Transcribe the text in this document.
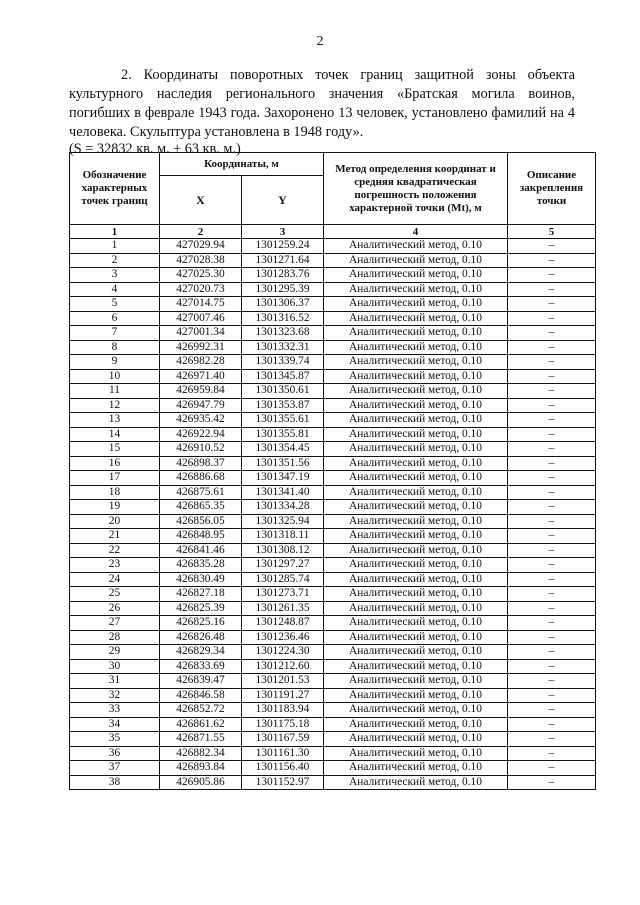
2

2. Координаты поворотных точек границ защитной зоны объекта культурного наследия регионального значения «Братская могила воинов, погибших в феврале 1943 года. Захоронено 13 человек, установлено фамилий на 4 человека. Скульптура установлена в 1948 году».

(S = 32832 кв. м. ± 63 кв. м.)

Обозначение характерных точек границ	Координаты, м		Метод определения координат и средняя квадратическая погрешность положения характерной точки (Mt), м	Описание закрепления точки
	X	Y		
1	2	3	4	5
1	427029.94	1301259.24	Аналитический метод, 0.10	–
2	427028.38	1301271.64	Аналитический метод, 0.10	–
3	427025.30	1301283.76	Аналитический метод, 0.10	–
4	427020.73	1301295.39	Аналитический метод, 0.10	–
5	427014.75	1301306.37	Аналитический метод, 0.10	–
6	427007.46	1301316.52	Аналитический метод, 0.10	–
7	427001.34	1301323.68	Аналитический метод, 0.10	–
8	426992.31	1301332.31	Аналитический метод, 0.10	–
9	426982.28	1301339.74	Аналитический метод, 0.10	–
10	426971.40	1301345.87	Аналитический метод, 0.10	–
11	426959.84	1301350.61	Аналитический метод, 0.10	–
12	426947.79	1301353.87	Аналитический метод, 0.10	–
13	426935.42	1301355.61	Аналитический метод, 0.10	–
14	426922.94	1301355.81	Аналитический метод, 0.10	–
15	426910.52	1301354.45	Аналитический метод, 0.10	–
16	426898.37	1301351.56	Аналитический метод, 0.10	–
17	426886.68	1301347.19	Аналитический метод, 0.10	–
18	426875.61	1301341.40	Аналитический метод, 0.10	–
19	426865.35	1301334.28	Аналитический метод, 0.10	–
20	426856.05	1301325.94	Аналитический метод, 0.10	–
21	426848.95	1301318.11	Аналитический метод, 0.10	–
22	426841.46	1301308.12	Аналитический метод, 0.10	–
23	426835.28	1301297.27	Аналитический метод, 0.10	–
24	426830.49	1301285.74	Аналитический метод, 0.10	–
25	426827.18	1301273.71	Аналитический метод, 0.10	–
26	426825.39	1301261.35	Аналитический метод, 0.10	–
27	426825.16	1301248.87	Аналитический метод, 0.10	–
28	426826.48	1301236.46	Аналитический метод, 0.10	–
29	426829.34	1301224.30	Аналитический метод, 0.10	–
30	426833.69	1301212.60	Аналитический метод, 0.10	–
31	426839.47	1301201.53	Аналитический метод, 0.10	–
32	426846.58	1301191.27	Аналитический метод, 0.10	–
33	426852.72	1301183.94	Аналитический метод, 0.10	–
34	426861.62	1301175.18	Аналитический метод, 0.10	–
35	426871.55	1301167.59	Аналитический метод, 0.10	–
36	426882.34	1301161.30	Аналитический метод, 0.10	–
37	426893.84	1301156.40	Аналитический метод, 0.10	–
38	426905.86	1301152.97	Аналитический метод, 0.10	–
